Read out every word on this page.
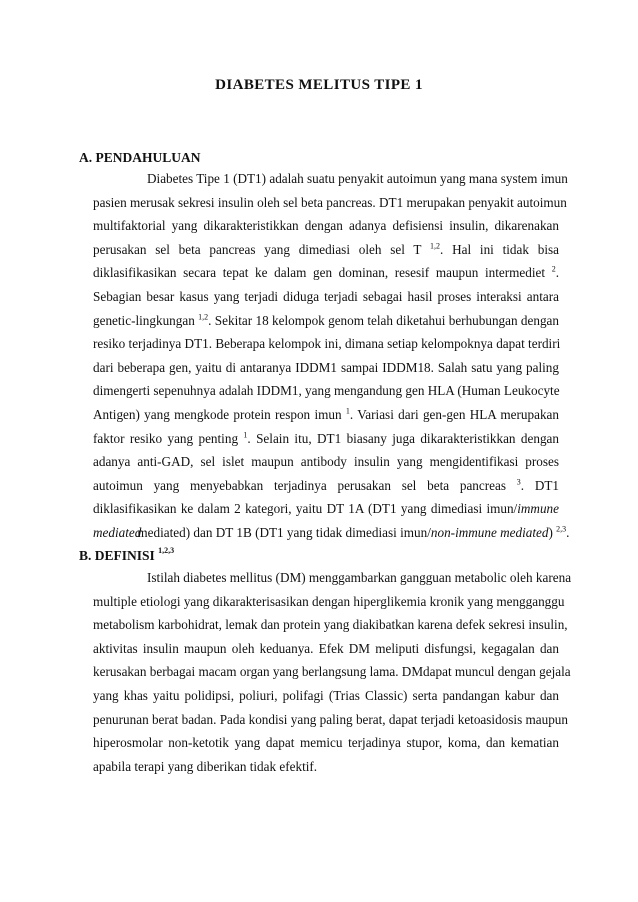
DIABETES MELITUS TIPE 1
A. PENDAHULUAN
Diabetes Tipe 1 (DT1) adalah suatu penyakit autoimun yang mana system imun
pasien merusak sekresi insulin oleh sel beta pancreas. DT1 merupakan penyakit autoimun
multifaktorial yang dikarakteristikkan dengan adanya defisiensi insulin, dikarenakan
perusakan sel beta pancreas yang dimediasi oleh sel T $^{1,2}$. Hal ini tidak bisa
diklasifikasikan secara tepat ke dalam gen dominan, resesif maupun intermediet $^2$.
Sebagian besar kasus yang terjadi diduga terjadi sebagai hasil proses interaksi antara
genetic-lingkungan $^{1,2}$. Sekitar 18 kelompok genom telah diketahui berhubungan dengan
resiko terjadinya DT1. Beberapa kelompok ini, dimana setiap kelompoknya dapat terdiri
dari beberapa gen, yaitu di antaranya IDDM1 sampai IDDM18. Salah satu yang paling
dimengerti sepenuhnya adalah IDDM1, yang mengandung gen HLA (Human Leukocyte
Antigen) yang mengkode protein respon imun $^1$. Variasi dari gen-gen HLA merupakan
faktor resiko yang penting $^1$. Selain itu, DT1 biasany juga dikarakteristikkan dengan
adanya anti-GAD, sel islet maupun antibody insulin yang mengidentifikasi proses
autoimun yang menyebabkan terjadinya perusakan sel beta pancreas $^3$. DT1
diklasifikasikan ke dalam 2 kategori, yaitu DT 1A (DT1 yang dimediasi imun/immune
mediatedmediated) dan DT 1B (DT1 yang tidak dimediasi imun/non-immune mediated) $^{2,3}$.
B. DEFINISI $^{1,2,3}$
Istilah diabetes mellitus (DM) menggambarkan gangguan metabolic oleh karena
multiple etiologi yang dikarakterisasikan dengan hiperglikemia kronik yang mengganggu
metabolism karbohidrat, lemak dan protein yang diakibatkan karena defek sekresi insulin,
aktivitas insulin maupun oleh keduanya. Efek DM meliputi disfungsi, kegagalan dan
kerusakan berbagai macam organ yang berlangsung lama. DMdapat muncul dengan gejala
yang khas yaitu polidipsi, poliuri, polifagi (Trias Classic) serta pandangan kabur dan
penurunan berat badan. Pada kondisi yang paling berat, dapat terjadi ketoasidosis maupun
hiperosmolar non-ketotik yang dapat memicu terjadinya stupor, koma, dan kematian
apabila terapi yang diberikan tidak efektif.
